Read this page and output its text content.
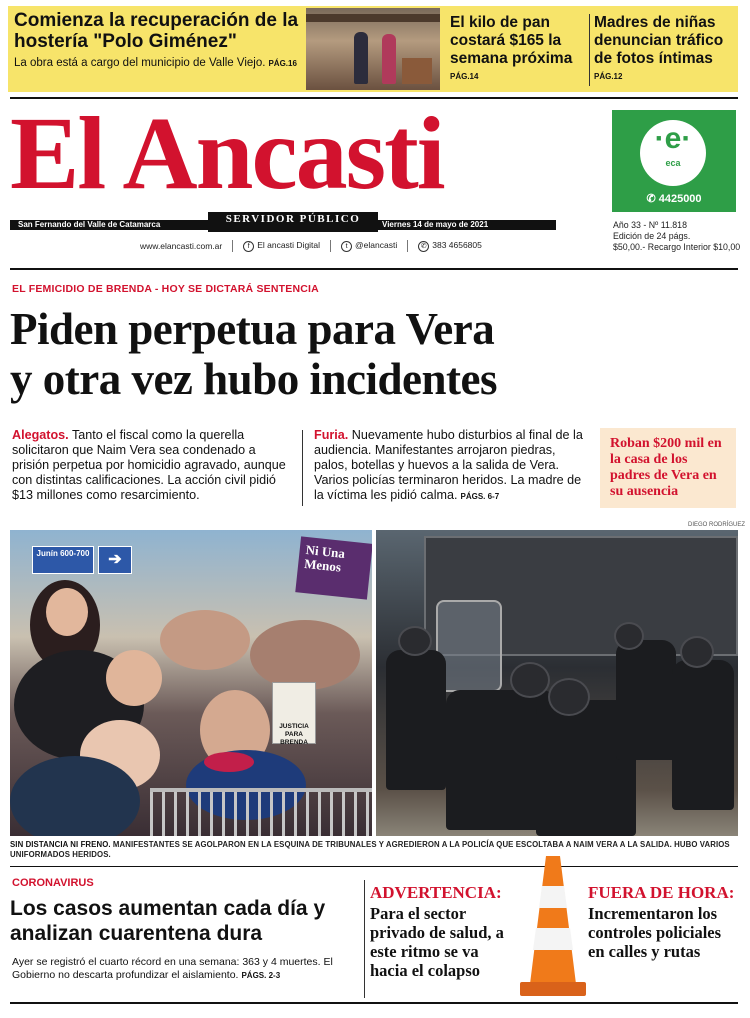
Comienza la recuperación de la hostería "Polo Giménez"

La obra está a cargo del municipio de Valle Viejo. PÁG.16

El kilo de pan costará $165 la semana próxima
PÁG.14
Madres de niñas denuncian tráfico de fotos íntimas
PÁG.12
El Ancasti
San Fernando del Valle de Catamarca	SERVIDOR PÚBLICO	Viernes 14 de mayo de 2021
www.elancasti.com.ar	f El ancasti Digital	t @elancasti	✆ 383 4656805
·e·
eca
✆ 4425000
Año 33 - Nº 11.818
Edición de 24 págs.
$50,00.- Recargo Interior $10,00
EL FEMICIDIO DE BRENDA - HOY SE DICTARÁ SENTENCIA
Piden perpetua para Vera
y otra vez hubo incidentes
Alegatos. Tanto el fiscal como la querella solicitaron que Naim Vera sea condenado a prisión perpetua por homicidio agravado, aunque con distintas calificaciones. La acción civil pidió $13 millones como resarcimiento.
Furia. Nuevamente hubo disturbios al final de la audiencia. Manifestantes arrojaron piedras, palos, botellas y huevos a la salida de Vera. Varios policías terminaron heridos. La madre de la víctima les pidió calma. PÁGS. 6-7
Roban $200 mil en la casa de los padres de Vera en su ausencia
DIEGO RODRÍGUEZ
Junín 600-700	➔	Ni Una Menos
JUSTICIA PARA BRENDA
SIN DISTANCIA NI FRENO. MANIFESTANTES SE AGOLPARON EN LA ESQUINA DE TRIBUNALES Y AGREDIERON A LA POLICÍA QUE ESCOLTABA A NAIM VERA A LA SALIDA. HUBO VARIOS UNIFORMADOS HERIDOS.
CORONAVIRUS
Los casos aumentan cada día y analizan cuarentena dura
Ayer se registró el cuarto récord en una semana: 363 y 4 muertes. El Gobierno no descarta profundizar el aislamiento. PÁGS. 2-3
ADVERTENCIA:
Para el sector privado de salud, a este ritmo se va hacia el colapso
FUERA DE HORA:
Incrementaron los controles policiales en calles y rutas
